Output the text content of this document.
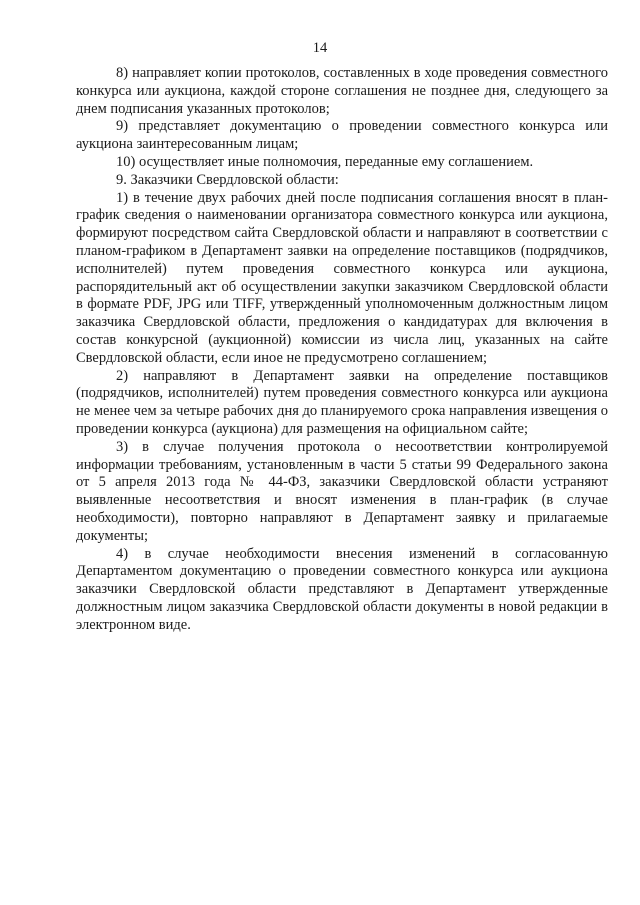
14

8) направляет копии протоколов, составленных в ходе проведения совместного конкурса или аукциона, каждой стороне соглашения не позднее дня, следующего за днем подписания указанных протоколов;

9) представляет документацию о проведении совместного конкурса или аукциона заинтересованным лицам;

10) осуществляет иные полномочия, переданные ему соглашением.

9. Заказчики Свердловской области:

1) в течение двух рабочих дней после подписания соглашения вносят в план-график сведения о наименовании организатора совместного конкурса или аукциона, формируют посредством сайта Свердловской области и направляют в соответствии с планом-графиком в Департамент заявки на определение поставщиков (подрядчиков, исполнителей) путем проведения совместного конкурса или аукциона, распорядительный акт об осуществлении закупки заказчиком Свердловской области в формате PDF, JPG или TIFF, утвержденный уполномоченным должностным лицом заказчика Свердловской области, предложения о кандидатурах для включения в состав конкурсной (аукционной) комиссии из числа лиц, указанных на сайте Свердловской области, если иное не предусмотрено соглашением;

2) направляют в Департамент заявки на определение поставщиков (подрядчиков, исполнителей) путем проведения совместного конкурса или аукциона не менее чем за четыре рабочих дня до планируемого срока направления извещения о проведении конкурса (аукциона) для размещения на официальном сайте;

3) в случае получения протокола о несоответствии контролируемой информации требованиям, установленным в части 5 статьи 99 Федерального закона от 5 апреля 2013 года № 44-ФЗ, заказчики Свердловской области устраняют выявленные несоответствия и вносят изменения в план-график (в случае необходимости), повторно направляют в Департамент заявку и прилагаемые документы;

4) в случае необходимости внесения изменений в согласованную Департаментом документацию о проведении совместного конкурса или аукциона заказчики Свердловской области представляют в Департамент утвержденные должностным лицом заказчика Свердловской области документы в новой редакции в электронном виде.
